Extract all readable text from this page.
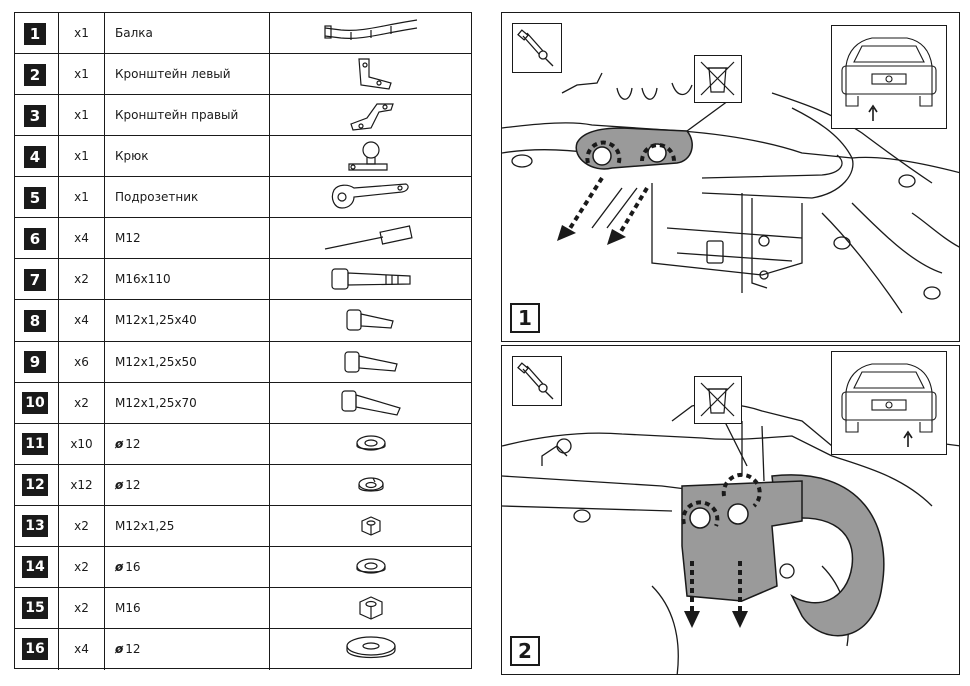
1	x1	Балка
2	x1	Кронштейн левый
3	x1	Кронштейн правый
4	x1	Крюк
5	x1	Подрозетник
6	x4	М12
7	x2	М16x110
8	x4	М12x1,25x40
9	x6	М12x1,25x50
10	x2	М12x1,25x70
11	x10	ø 12
12	x12	ø 12
13	x2	М12x1,25
14	x2	ø 16
15	x2	М16
16	x4	ø 12
1
2
